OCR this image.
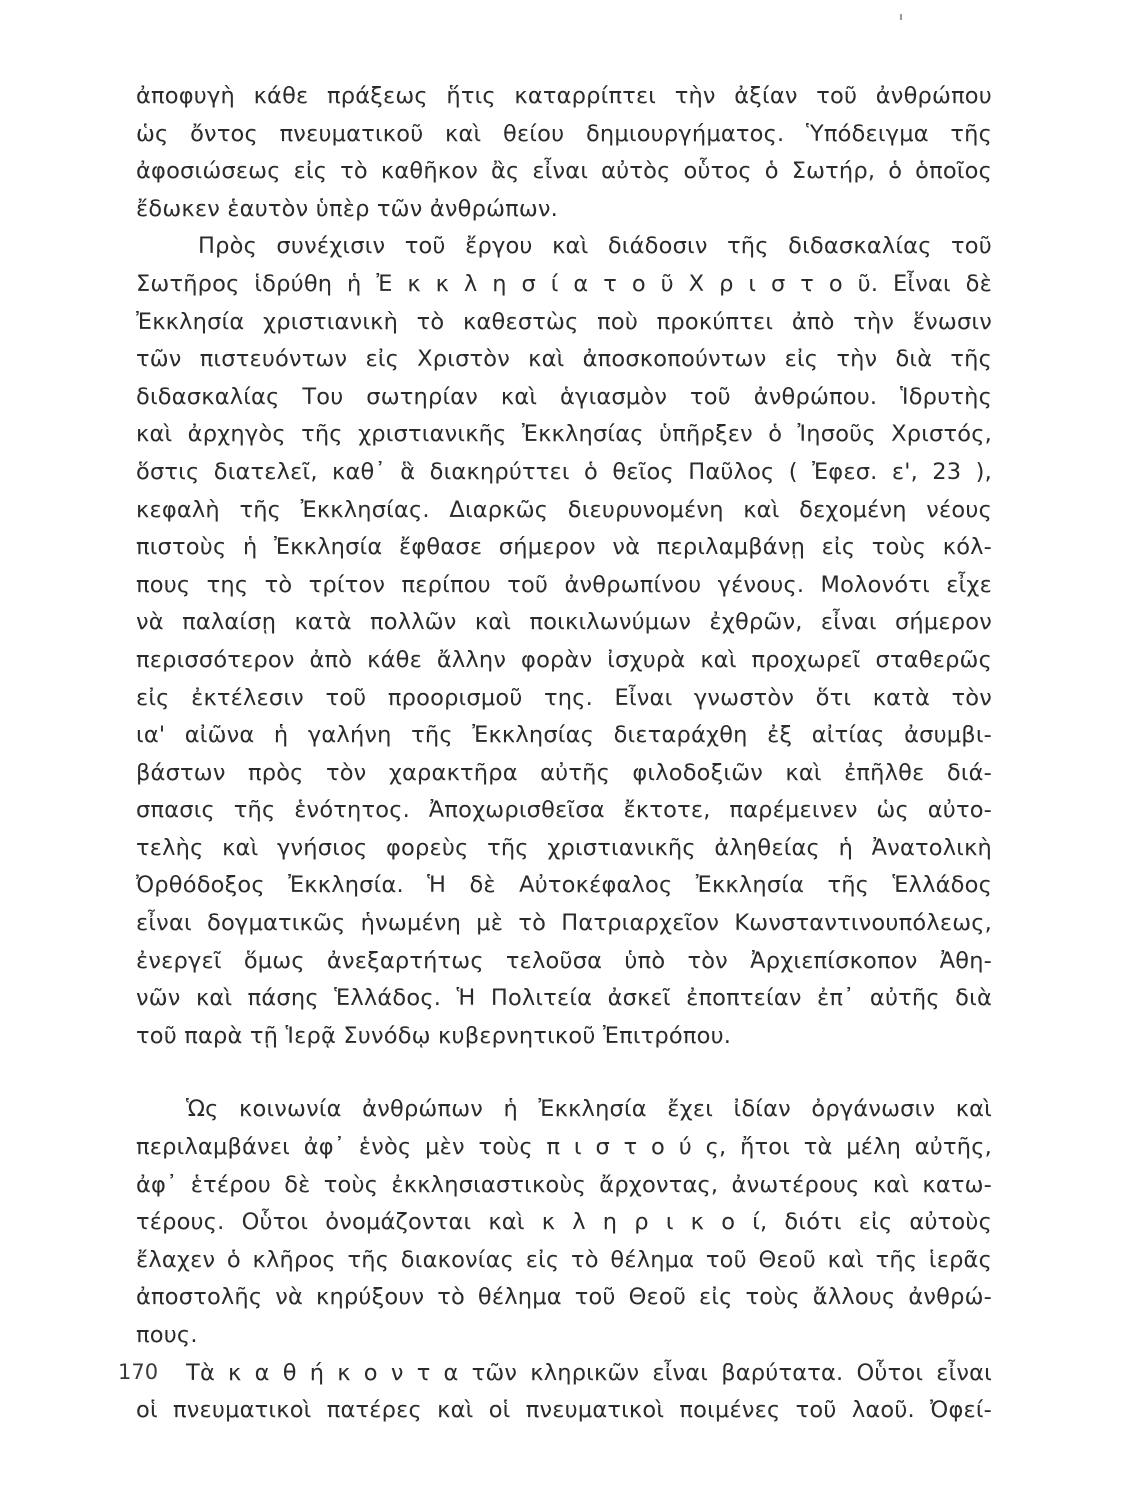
ἀποφυγὴ κάθε πράξεως ἥτις καταρρίπτει τὴν ἀξίαν τοῦ ἀνθρώπου
ὡς ὄντος πνευματικοῦ καὶ θείου δημιουργήματος. Ὑπόδειγμα τῆς
ἀφοσιώσεως εἰς τὸ καθῆκον ἂς εἶναι αὐτὸς οὗτος ὁ Σωτήρ, ὁ ὁποῖος
ἔδωκεν ἑαυτὸν ὑπὲρ τῶν ἀνθρώπων.
Πρὸς συνέχισιν τοῦ ἔργου καὶ διάδοσιν τῆς διδασκαλίας τοῦ
Σωτῆρος ἱδρύθη ἡ Ἐ κ κ λ η σ ί α τ ο ῦ Χ ρ ι σ τ ο ῦ. Εἶναι δὲ
Ἐκκλησία χριστιανικὴ τὸ καθεστὼς ποὺ προκύπτει ἀπὸ τὴν ἕνωσιν
τῶν πιστευόντων εἰς Χριστὸν καὶ ἀποσκοπούντων εἰς τὴν διὰ τῆς
διδασκαλίας Του σωτηρίαν καὶ ἁγιασμὸν τοῦ ἀνθρώπου. Ἱδρυτὴς
καὶ ἀρχηγὸς τῆς χριστιανικῆς Ἐκκλησίας ὑπῆρξεν ὁ Ἰησοῦς Χριστός,
ὅστις διατελεῖ, καθ᾽ ἃ διακηρύττει ὁ θεῖος Παῦλος ( Ἐφεσ. ε', 23 ),
κεφαλὴ τῆς Ἐκκλησίας. Διαρκῶς διευρυνομένη καὶ δεχομένη νέους
πιστοὺς ἡ Ἐκκλησία ἔφθασε σήμερον νὰ περιλαμβάνῃ εἰς τοὺς κόλ-
πους της τὸ τρίτον περίπου τοῦ ἀνθρωπίνου γένους. Μολονότι εἶχε
νὰ παλαίσῃ κατὰ πολλῶν καὶ ποικιλωνύμων ἐχθρῶν, εἶναι σήμερον
περισσότερον ἀπὸ κάθε ἄλλην φορὰν ἰσχυρὰ καὶ προχωρεῖ σταθερῶς
εἰς ἐκτέλεσιν τοῦ προορισμοῦ της. Εἶναι γνωστὸν ὅτι κατὰ τὸν
ια' αἰῶνα ἡ γαλήνη τῆς Ἐκκλησίας διεταράχθη ἐξ αἰτίας ἀσυμβι-
βάστων πρὸς τὸν χαρακτῆρα αὐτῆς φιλοδοξιῶν καὶ ἐπῆλθε διά-
σπασις τῆς ἑνότητος. Ἀποχωρισθεῖσα ἔκτοτε, παρέμεινεν ὡς αὐτο-
τελὴς καὶ γνήσιος φορεὺς τῆς χριστιανικῆς ἀληθείας ἡ Ἀνατολικὴ
Ὀρθόδοξος Ἐκκλησία. Ἡ δὲ Αὐτοκέφαλος Ἐκκλησία τῆς Ἑλλάδος
εἶναι δογματικῶς ἡνωμένη μὲ τὸ Πατριαρχεῖον Κωνσταντινουπόλεως,
ἐνεργεῖ ὅμως ἀνεξαρτήτως τελοῦσα ὑπὸ τὸν Ἀρχιεπίσκοπον Ἀθη-
νῶν καὶ πάσης Ἑλλάδος. Ἡ Πολιτεία ἀσκεῖ ἐποπτείαν ἐπ᾽ αὐτῆς διὰ
τοῦ παρὰ τῇ Ἱερᾷ Συνόδῳ κυβερνητικοῦ Ἐπιτρόπου.
Ὡς κοινωνία ἀνθρώπων ἡ Ἐκκλησία ἔχει ἰδίαν ὀργάνωσιν καὶ
περιλαμβάνει ἀφ᾽ ἑνὸς μὲν τοὺς π ι σ τ ο ύ ς, ἤτοι τὰ μέλη αὐτῆς,
ἀφ᾽ ἑτέρου δὲ τοὺς ἐκκλησιαστικοὺς ἄρχοντας, ἀνωτέρους καὶ κατω-
τέρους. Οὗτοι ὀνομάζονται καὶ κ λ η ρ ι κ ο ί, διότι εἰς αὐτοὺς
ἔλαχεν ὁ κλῆρος τῆς διακονίας εἰς τὸ θέλημα τοῦ Θεοῦ καὶ τῆς ἱερᾶς
ἀποστολῆς νὰ κηρύξουν τὸ θέλημα τοῦ Θεοῦ εἰς τοὺς ἄλλους ἀνθρώ-
πους.
Τὰ κ α θ ή κ ο ν τ α τῶν κληρικῶν εἶναι βαρύτατα. Οὗτοι εἶναι
οἱ πνευματικοὶ πατέρες καὶ οἱ πνευματικοὶ ποιμένες τοῦ λαοῦ. Ὀφεί-
170
